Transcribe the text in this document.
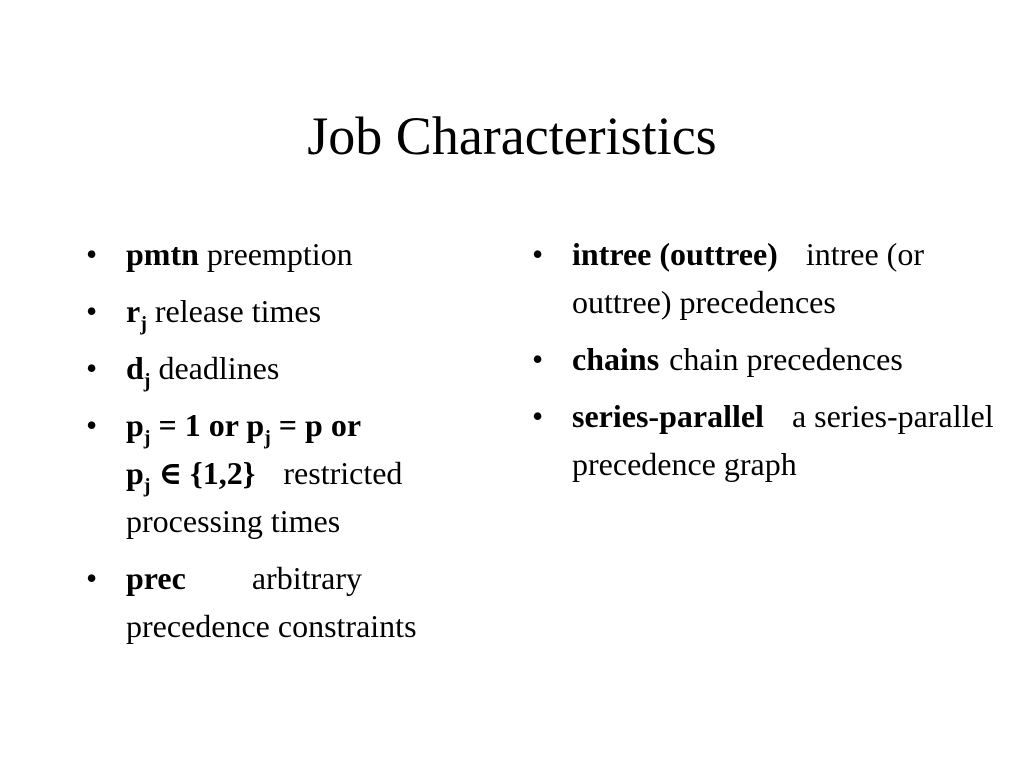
Job Characteristics
• pmtn preemption
• $r_j$ release times
• $d_j$ deadlines
• $p_j = 1$ or $p_j = p$ or
$p_j$ ∈ {1,2} restricted processing times
• prec arbitrary precedence constraints
• intree (outtree) intree (or outtree) precedences
• chains chain precedences
• series-parallel a series-parallel precedence graph
